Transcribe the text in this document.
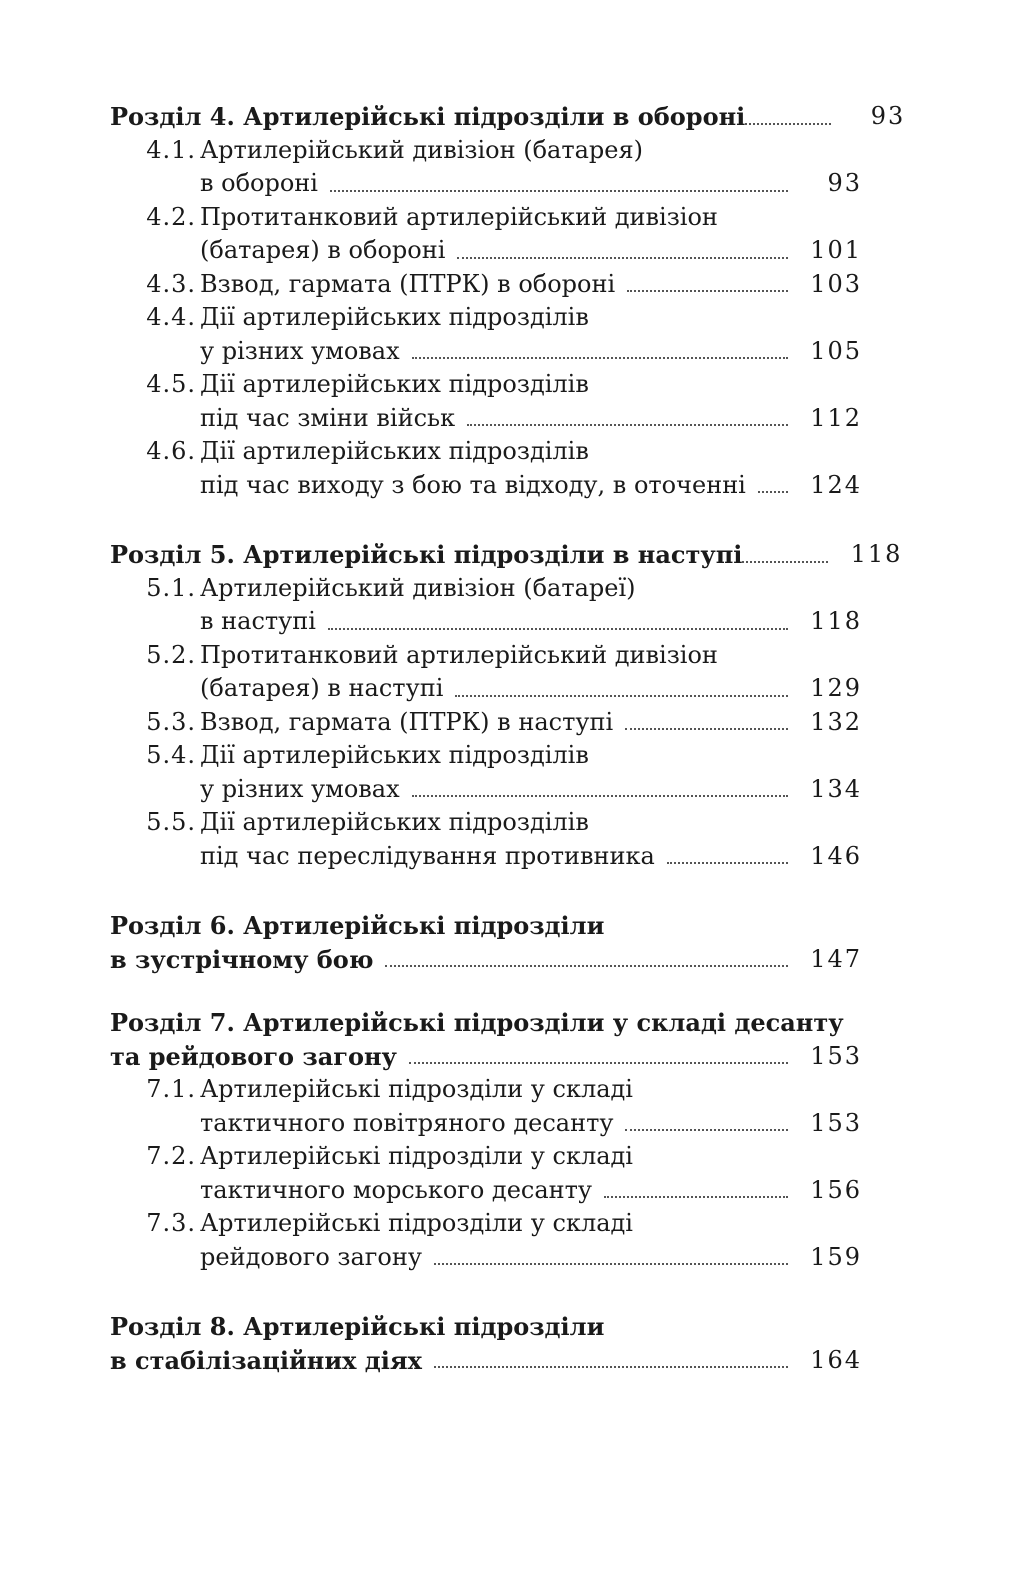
Розділ 4. Артилерійські підрозділи в обороні	93
4.1. Артилерійський дивізіон (батарея)
в обороні	93
4.2. Протитанковий артилерійський дивізіон
(батарея) в обороні	101
4.3. Взвод, гармата (ПТРК) в обороні	103
4.4. Дії артилерійських підрозділів
у різних умовах	105
4.5. Дії артилерійських підрозділів
під час зміни військ	112
4.6. Дії артилерійських підрозділів
під час виходу з бою та відходу, в оточенні	124
Розділ 5. Артилерійські підрозділи в наступі	118
5.1. Артилерійський дивізіон (батареї)
в наступі	118
5.2. Протитанковий артилерійський дивізіон
(батарея) в наступі	129
5.3. Взвод, гармата (ПТРК) в наступі	132
5.4. Дії артилерійських підрозділів
у різних умовах	134
5.5. Дії артилерійських підрозділів
під час переслідування противника	146
Розділ 6. Артилерійські підрозділи
в зустрічному бою	147
Розділ 7. Артилерійські підрозділи у складі десанту
та рейдового загону	153
7.1. Артилерійські підрозділи у складі
тактичного повітряного десанту	153
7.2. Артилерійські підрозділи у складі
тактичного морського десанту	156
7.3. Артилерійські підрозділи у складі
рейдового загону	159
Розділ 8. Артилерійські підрозділи
в стабілізаційних діях	164
